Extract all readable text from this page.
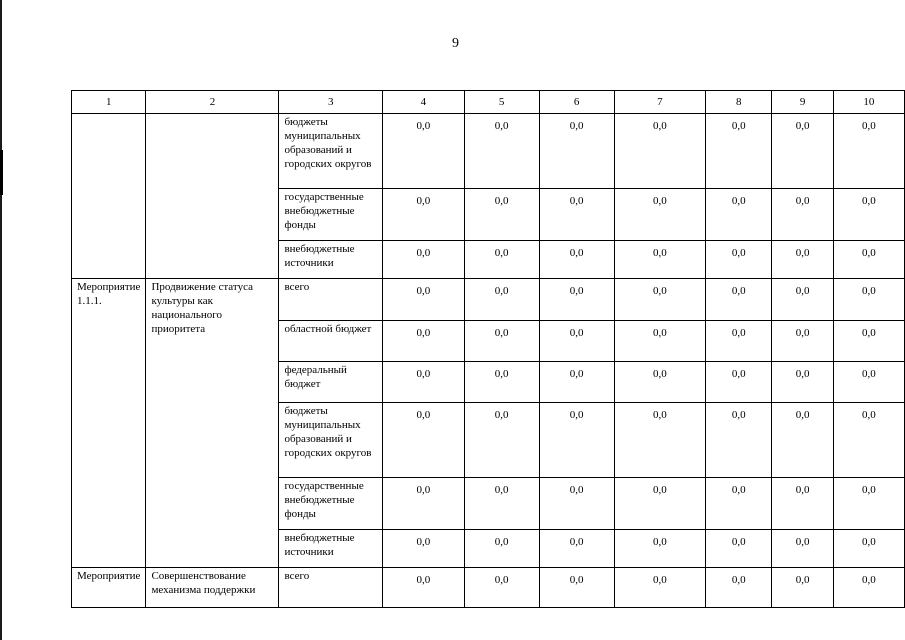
9
1	2	3	4	5	6	7	8	9	10
		бюджеты муниципальных образований и городских округов	0,0	0,0	0,0	0,0	0,0	0,0	0,0
		государственные внебюджетные фонды	0,0	0,0	0,0	0,0	0,0	0,0	0,0
		внебюджетные источники	0,0	0,0	0,0	0,0	0,0	0,0	0,0
Мероприятие 1.1.1.	Продвижение статуса культуры как национального приоритета	всего	0,0	0,0	0,0	0,0	0,0	0,0	0,0
		областной бюджет	0,0	0,0	0,0	0,0	0,0	0,0	0,0
		федеральный бюджет	0,0	0,0	0,0	0,0	0,0	0,0	0,0
		бюджеты муниципальных образований и городских округов	0,0	0,0	0,0	0,0	0,0	0,0	0,0
		государственные внебюджетные фонды	0,0	0,0	0,0	0,0	0,0	0,0	0,0
		внебюджетные источники	0,0	0,0	0,0	0,0	0,0	0,0	0,0
Мероприятие	Совершенствование механизма поддержки	всего	0,0	0,0	0,0	0,0	0,0	0,0	0,0
